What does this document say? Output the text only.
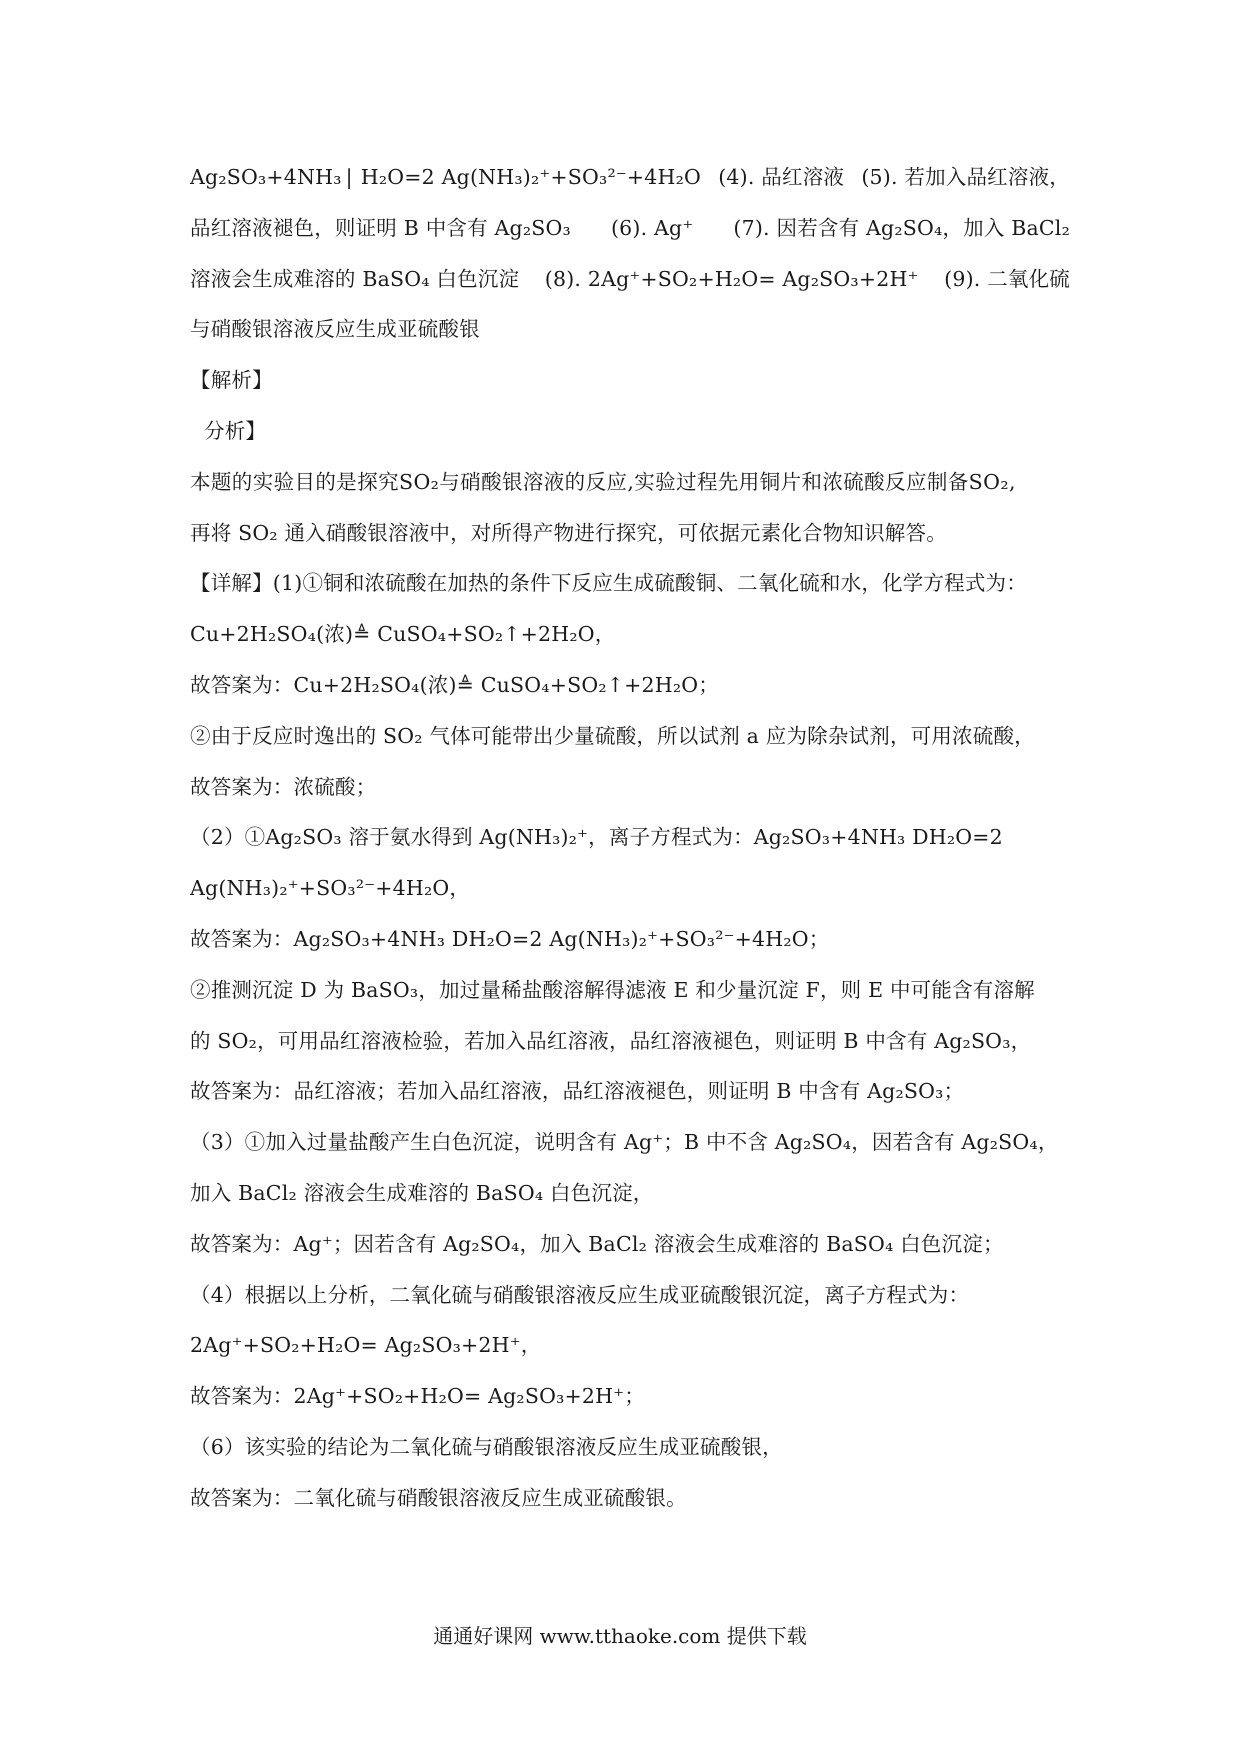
Ag₂SO₃+4NH₃ | H₂O=2 Ag(NH₃)₂⁺+SO₃²⁻+4H₂O (4). 品红溶液 (5). 若加入品红溶液，
品红溶液褪色，则证明 B 中含有 Ag₂SO₃ (6). Ag⁺ (7). 因若含有 Ag₂SO₄，加入 BaCl₂
溶液会生成难溶的 BaSO₄ 白色沉淀 (8). 2Ag⁺+SO₂+H₂O= Ag₂SO₃+2H⁺ (9). 二氧化硫
与硝酸银溶液反应生成亚硫酸银
【解析】
分析】
本题的实验目的是探究SO₂与硝酸银溶液的反应,实验过程先用铜片和浓硫酸反应制备SO₂,
再将 SO₂ 通入硝酸银溶液中，对所得产物进行探究，可依据元素化合物知识解答。
【详解】(1)①铜和浓硫酸在加热的条件下反应生成硫酸铜、二氧化硫和水，化学方程式为：
Cu+2H₂SO₄(浓)≜ CuSO₄+SO₂↑+2H₂O，
故答案为：Cu+2H₂SO₄(浓)≜ CuSO₄+SO₂↑+2H₂O；
②由于反应时逸出的 SO₂ 气体可能带出少量硫酸，所以试剂 a 应为除杂试剂，可用浓硫酸，
故答案为：浓硫酸；
（2）①Ag₂SO₃ 溶于氨水得到 Ag(NH₃)₂⁺，离子方程式为：Ag₂SO₃+4NH₃ DH₂O=2
Ag(NH₃)₂⁺+SO₃²⁻+4H₂O，
故答案为：Ag₂SO₃+4NH₃ DH₂O=2 Ag(NH₃)₂⁺+SO₃²⁻+4H₂O；
②推测沉淀 D 为 BaSO₃，加过量稀盐酸溶解得滤液 E 和少量沉淀 F，则 E 中可能含有溶解
的 SO₂，可用品红溶液检验，若加入品红溶液，品红溶液褪色，则证明 B 中含有 Ag₂SO₃，
故答案为：品红溶液；若加入品红溶液，品红溶液褪色，则证明 B 中含有 Ag₂SO₃；
（3）①加入过量盐酸产生白色沉淀，说明含有 Ag⁺；B 中不含 Ag₂SO₄，因若含有 Ag₂SO₄，
加入 BaCl₂ 溶液会生成难溶的 BaSO₄ 白色沉淀，
故答案为：Ag⁺；因若含有 Ag₂SO₄，加入 BaCl₂ 溶液会生成难溶的 BaSO₄ 白色沉淀；
（4）根据以上分析，二氧化硫与硝酸银溶液反应生成亚硫酸银沉淀，离子方程式为：
2Ag⁺+SO₂+H₂O= Ag₂SO₃+2H⁺，
故答案为：2Ag⁺+SO₂+H₂O= Ag₂SO₃+2H⁺；
（6）该实验的结论为二氧化硫与硝酸银溶液反应生成亚硫酸银，
故答案为：二氧化硫与硝酸银溶液反应生成亚硫酸银。
通通好课网 www.tthaoke.com 提供下载
